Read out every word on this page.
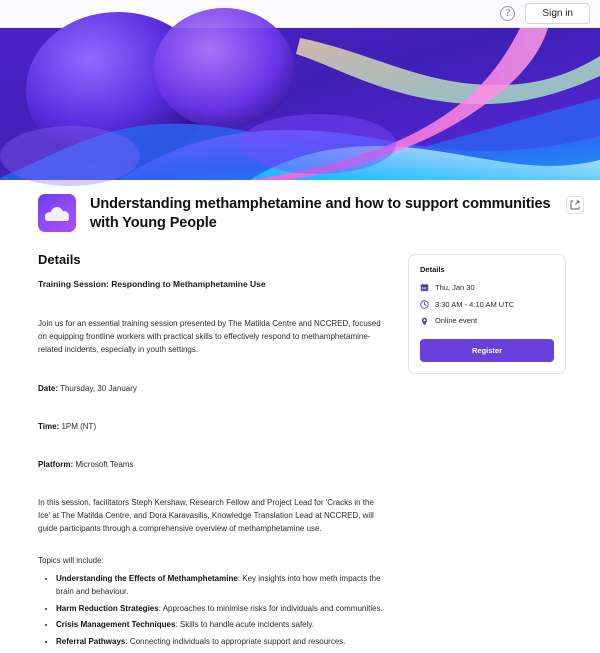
?	Sign in
Understanding methamphetamine and how to support communities with Young People
Details

Training Session: Responding to Methamphetamine Use

Join us for an essential training session presented by The Matilda Centre and NCCRED, focused on equipping frontline workers with practical skills to effectively respond to methamphetamine-related incidents, especially in youth settings.

Date: Thursday, 30 January

Time: 1PM (NT)

Platform: Microsoft Teams

In this session, facilitators Steph Kershaw, Research Fellow and Project Lead for 'Cracks in the Ice' at The Matilda Centre, and Dora Karavasilis, Knowledge Translation Lead at NCCRED, will guide participants through a comprehensive overview of methamphetamine use.

Topics will include:

• Understanding the Effects of Methamphetamine: Key insights into how meth impacts the brain and behaviour.
• Harm Reduction Strategies: Approaches to minimise risks for individuals and communities.
• Crisis Management Techniques: Skills to handle acute incidents safely.
• Referral Pathways: Connecting individuals to appropriate support and resources.
Details
Thu, Jan 30
3:30 AM - 4:10 AM UTC
Online event
Register
